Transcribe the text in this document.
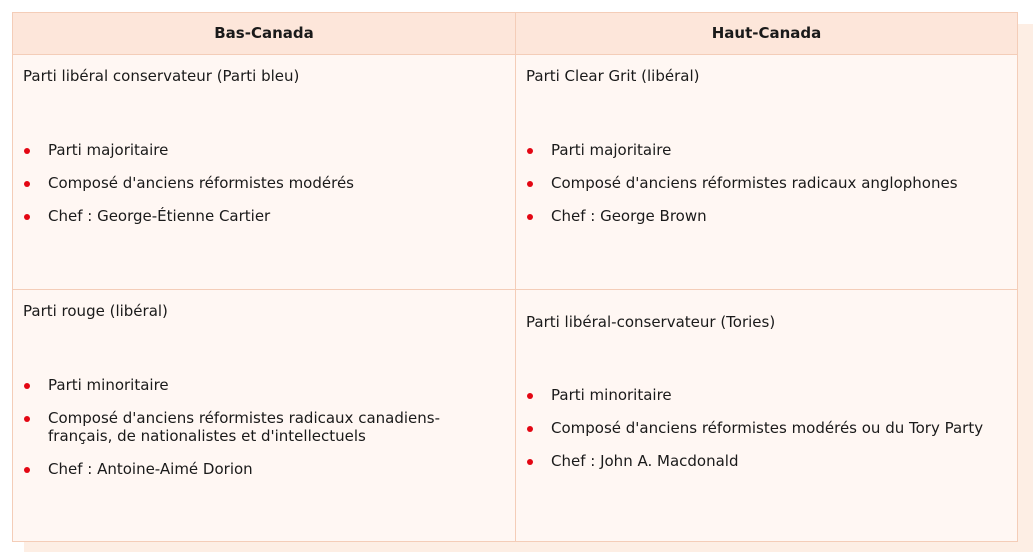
Bas-Canada	Haut-Canada
Parti libéral conservateur (Parti bleu)
Parti majoritaire
Composé d'anciens réformistes modérés
Chef : George-Étienne Cartier
Parti Clear Grit (libéral)
Parti majoritaire
Composé d'anciens réformistes radicaux anglophones
Chef : George Brown
Parti rouge (libéral)
Parti minoritaire
Composé d'anciens réformistes radicaux canadiens-
français, de nationalistes et d'intellectuels
Chef : Antoine-Aimé Dorion
Parti libéral-conservateur (Tories)
Parti minoritaire
Composé d'anciens réformistes modérés ou du Tory Party
Chef : John A. Macdonald
